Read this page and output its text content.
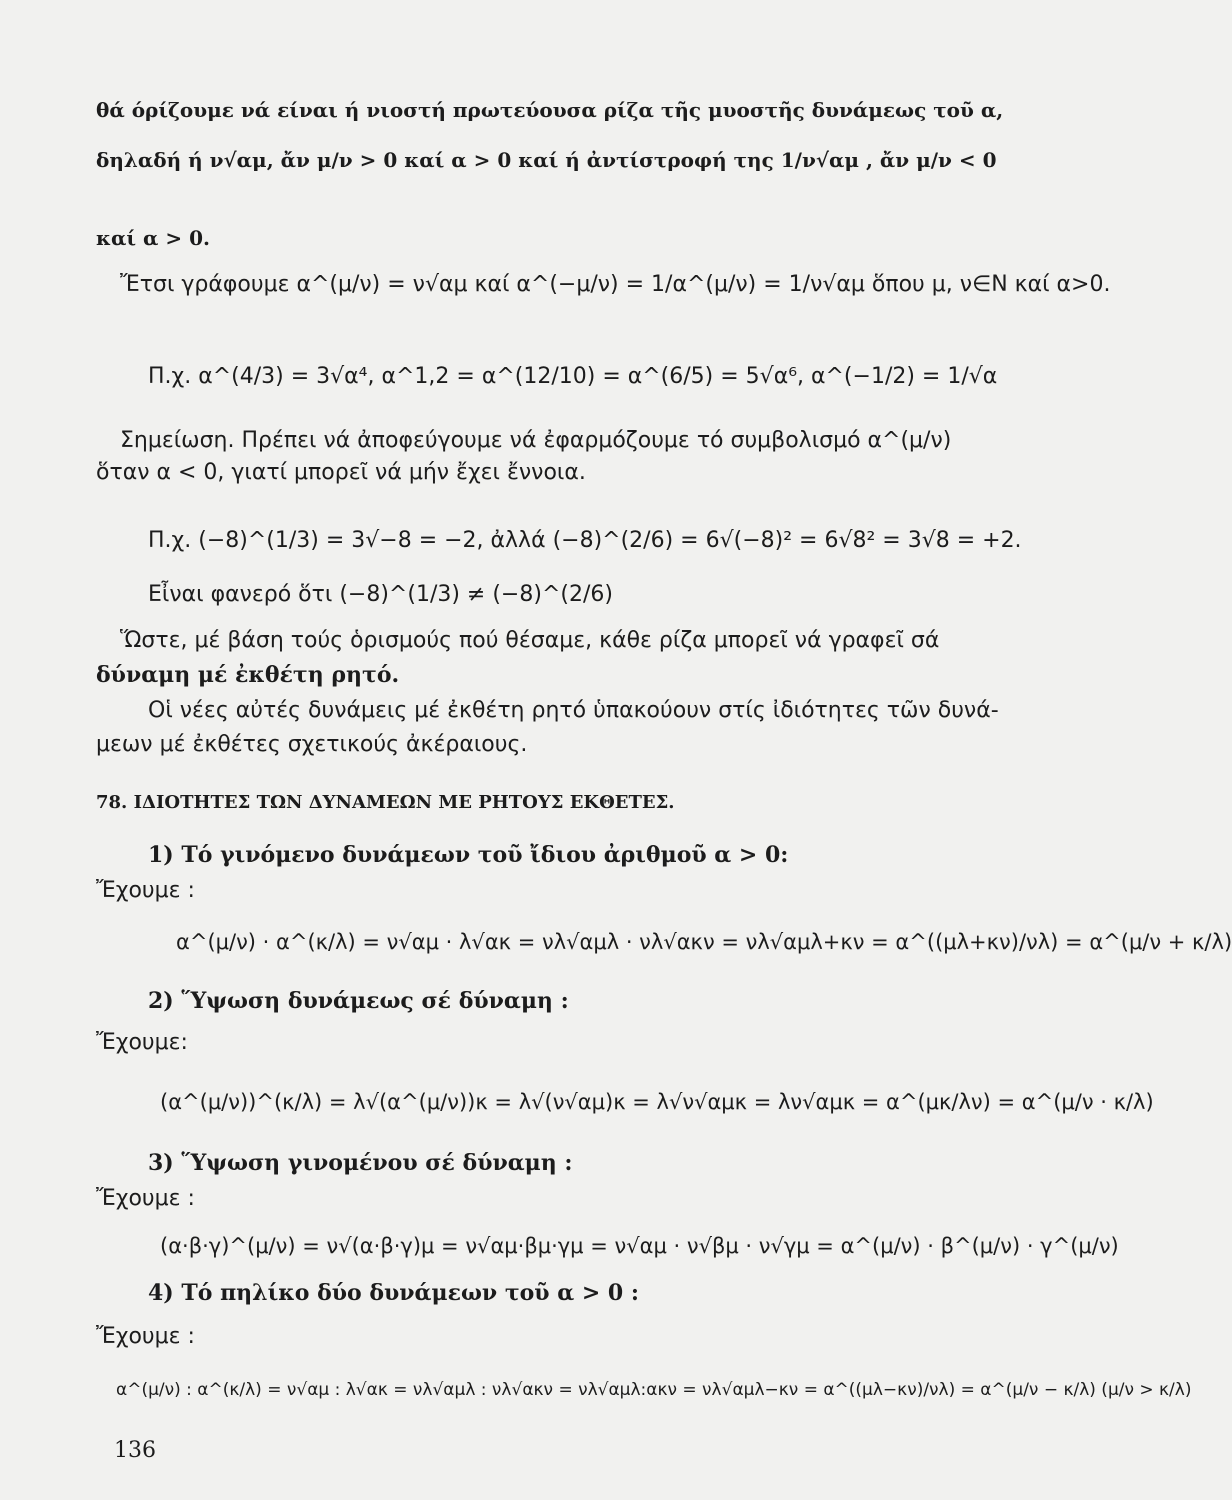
θά όρίζουμε νά είναι ή νιοστή πρωτεύουσα ρίζα τῆς μυοστῆς δυνάμεως τοῦ α,
δηλαδή ή ν√αμ, ἄν μ/ν > 0 καί α > 0 καί ή ἀντίστροφή της 1/ν√αμ , ἄν μ/ν < 0
καί α > 0.
Ἔτσι γράφουμε α^(μ/ν) = ν√αμ καί α^(−μ/ν) = 1/α^(μ/ν) = 1/ν√αμ ὅπου μ, ν∈Ν καί α>0.
Π.χ. α^(4/3) = 3√α⁴, α^1,2 = α^(12/10) = α^(6/5) = 5√α⁶, α^(−1/2) = 1/√α
Σημείωση. Πρέπει νά ἀποφεύγουμε νά ἐφαρμόζουμε τό συμβολισμό α^(μ/ν)
ὅταν α < 0, γιατί μπορεῖ νά μήν ἔχει ἔννοια.
Π.χ. (−8)^(1/3) = 3√−8 = −2, ἀλλά (−8)^(2/6) = 6√(−8)² = 6√8² = 3√8 = +2.
Εἶναι φανερό ὅτι (−8)^(1/3) ≠ (−8)^(2/6)
Ὥστε, μέ βάση τούς ὁρισμούς πού θέσαμε, κάθε ρίζα μπορεῖ νά γραφεῖ σά
δύναμη μέ ἐκθέτη ρητό.
Οἱ νέες αὐτές δυνάμεις μέ ἐκθέτη ρητό ὑπακούουν στίς ἰδιότητες τῶν δυνά-
μεων μέ ἐκθέτες σχετικούς ἀκέραιους.
78. ΙΔΙΟΤΗΤΕΣ ΤΩΝ ΔΥΝΑΜΕΩΝ ΜΕ ΡΗΤΟΥΣ ΕΚΘΕΤΕΣ.
1) Τό γινόμενο δυνάμεων τοῦ ἴδιου ἀριθμοῦ α > 0:
Ἔχουμε :
α^(μ/ν) · α^(κ/λ) = ν√αμ · λ√ακ = νλ√αμλ · νλ√ακν = νλ√αμλ+κν = α^((μλ+κν)/νλ) = α^(μ/ν + κ/λ)
2) Ὕψωση δυνάμεως σέ δύναμη :
Ἔχουμε:
(α^(μ/ν))^(κ/λ) = λ√(α^(μ/ν))κ = λ√(ν√αμ)κ = λ√ν√αμκ = λν√αμκ = α^(μκ/λν) = α^(μ/ν · κ/λ)
3) Ὕψωση γινομένου σέ δύναμη :
Ἔχουμε :
(α·β·γ)^(μ/ν) = ν√(α·β·γ)μ = ν√αμ·βμ·γμ = ν√αμ · ν√βμ · ν√γμ = α^(μ/ν) · β^(μ/ν) · γ^(μ/ν)
4) Τό πηλίκο δύο δυνάμεων τοῦ α > 0 :
Ἔχουμε :
α^(μ/ν) : α^(κ/λ) = ν√αμ : λ√ακ = νλ√αμλ : νλ√ακν = νλ√αμλ:ακν = νλ√αμλ−κν = α^((μλ−κν)/νλ) = α^(μ/ν − κ/λ) (μ/ν > κ/λ)
136
